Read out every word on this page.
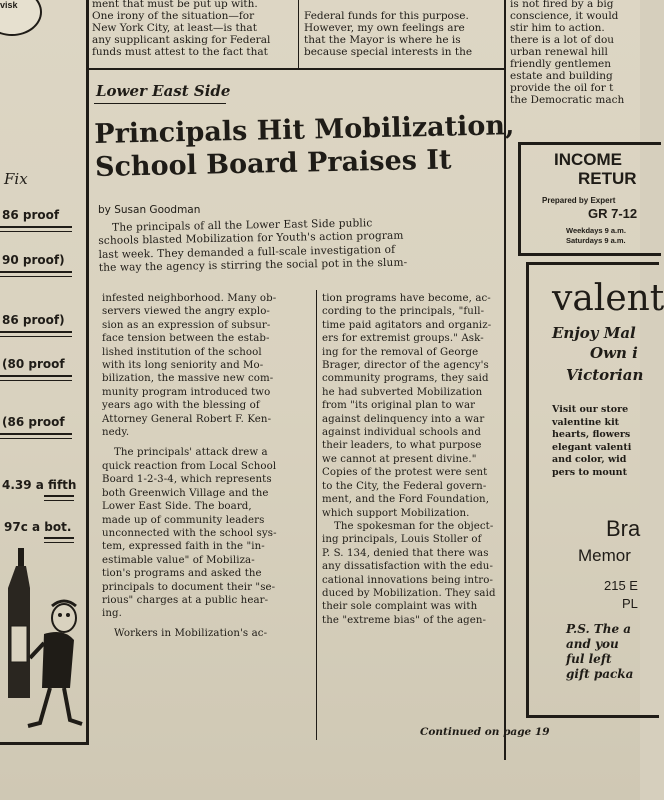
ment that must be put up with.
One irony of the situation—for
New York City, at least—is that
any supplicant asking for Federal
funds must attest to the fact that
Federal funds for this purpose.
However, my own feelings are
that the Mayor is where he is
because special interests in the
is not fired by a big
conscience, it would
stir him to action.
there is a lot of dou
urban renewal hill
friendly gentlemen
estate and building
provide the oil for t
the Democratic mach
visk
Fix
86 proof
90 proof)
86 proof)
(80 proof
(86 proof
4.39 a fifth
97c a bot.
Lower East Side
Principals Hit Mobilization,
School Board Praises It
by Susan Goodman
The principals of all the Lower East Side public
schools blasted Mobilization for Youth's action program
last week. They demanded a full-scale investigation of
the way the agency is stirring the social pot in the slum-
infested neighborhood. Many ob-
servers viewed the angry explo-
sion as an expression of subsur-
face tension between the estab-
lished institution of the school
with its long seniority and Mo-
bilization, the massive new com-
munity program introduced two
years ago with the blessing of
Attorney General Robert F. Ken-
nedy.
The principals' attack drew a
quick reaction from Local School
Board 1-2-3-4, which represents
both Greenwich Village and the
Lower East Side. The board,
made up of community leaders
unconnected with the school sys-
tem, expressed faith in the "in-
estimable value" of Mobiliza-
tion's programs and asked the
principals to document their "se-
rious" charges at a public hear-
ing.
Workers in Mobilization's ac-
tion programs have become, ac-
cording to the principals, "full-
time paid agitators and organiz-
ers for extremist groups." Ask-
ing for the removal of George
Brager, director of the agency's
community programs, they said
he had subverted Mobilization
from "its original plan to war
against delinquency into a war
against individual schools and
their leaders, to what purpose
we cannot at present divine."
Copies of the protest were sent
to the City, the Federal govern-
ment, and the Ford Foundation,
which support Mobilization.
The spokesman for the object-
ing principals, Louis Stoller of
P. S. 134, denied that there was
any dissatisfaction with the edu-
cational innovations being intro-
duced by Mobilization. They said
their sole complaint was with
the "extreme bias" of the agen-
Continued on page 19
INCOME
RETUR
Prepared by Expert
GR 7-12
Weekdays 9 a.m.
Saturdays 9 a.m.
valent
Enjoy Mal
Own i
Victorian
Visit our store
valentine kit
hearts, flowers
elegant valenti
and color, wid
pers to mount
Bra
Memor
215 E
PL
P.S. The a
and you
ful left
gift packa
